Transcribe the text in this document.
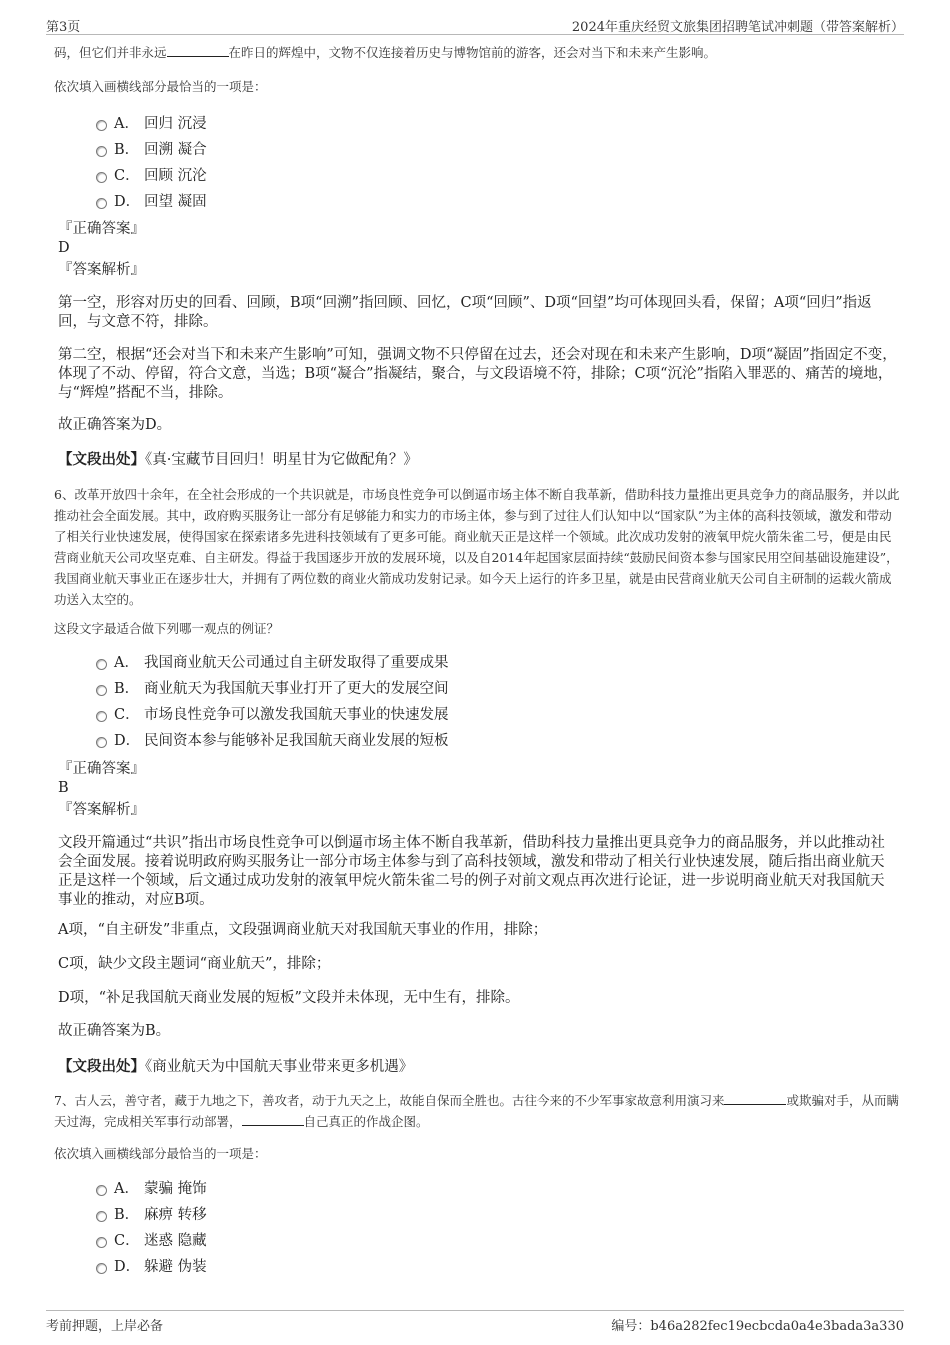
第3页	2024年重庆经贸文旅集团招聘笔试冲刺题（带答案解析）
码，但它们并非永远	在昨日的辉煌中，文物不仅连接着历史与博物馆前的游客，还会对当下和未来产生影响。
依次填入画横线部分最恰当的一项是：
A． 回归 沉浸
B． 回溯 凝合
C． 回顾 沉沦
D． 回望 凝固
『正确答案』
D
『答案解析』
第一空，形容对历史的回看、回顾，B项“回溯”指回顾、回忆，C项“回顾”、D项“回望”均可体现回头看，保留；A项“回归”指返回，与文意不符，排除。
第二空，根据“还会对当下和未来产生影响”可知，强调文物不只停留在过去，还会对现在和未来产生影响，D项“凝固”指固定不变，体现了不动、停留，符合文意，当选；B项“凝合”指凝结，聚合，与文段语境不符，排除；C项“沉沦”指陷入罪恶的、痛苦的境地，与“辉煌”搭配不当，排除。
故正确答案为D。
【文段出处】《真·宝藏节目回归！明星甘为它做配角？》
6、改革开放四十余年，在全社会形成的一个共识就是，市场良性竞争可以倒逼市场主体不断自我革新，借助科技力量推出更具竞争力的商品服务，并以此推动社会全面发展。其中，政府购买服务让一部分有足够能力和实力的市场主体，参与到了过往人们认知中以“国家队”为主体的高科技领域，激发和带动了相关行业快速发展，使得国家在探索诸多先进科技领域有了更多可能。商业航天正是这样一个领域。此次成功发射的液氧甲烷火箭朱雀二号，便是由民营商业航天公司攻坚克难、自主研发。得益于我国逐步开放的发展环境，以及自2014年起国家层面持续“鼓励民间资本参与国家民用空间基础设施建设”，我国商业航天事业正在逐步壮大，并拥有了两位数的商业火箭成功发射记录。如今天上运行的许多卫星，就是由民营商业航天公司自主研制的运载火箭成功送入太空的。
这段文字最适合做下列哪一观点的例证？
A． 我国商业航天公司通过自主研发取得了重要成果
B． 商业航天为我国航天事业打开了更大的发展空间
C． 市场良性竞争可以激发我国航天事业的快速发展
D． 民间资本参与能够补足我国航天商业发展的短板
『正确答案』
B
『答案解析』
文段开篇通过“共识”指出市场良性竞争可以倒逼市场主体不断自我革新，借助科技力量推出更具竞争力的商品服务，并以此推动社会全面发展。接着说明政府购买服务让一部分市场主体参与到了高科技领域，激发和带动了相关行业快速发展，随后指出商业航天正是这样一个领域，后文通过成功发射的液氧甲烷火箭朱雀二号的例子对前文观点再次进行论证，进一步说明商业航天对我国航天事业的推动，对应B项。
A项，“自主研发”非重点，文段强调商业航天对我国航天事业的作用，排除；
C项，缺少文段主题词“商业航天”，排除；
D项，“补足我国航天商业发展的短板”文段并未体现，无中生有，排除。
故正确答案为B。
【文段出处】《商业航天为中国航天事业带来更多机遇》
7、古人云，善守者，藏于九地之下，善攻者，动于九天之上，故能自保而全胜也。古往今来的不少军事家故意利用演习来	或欺骗对手，从而瞒天过海，完成相关军事行动部署，	自己真正的作战企图。
依次填入画横线部分最恰当的一项是：
A． 蒙骗 掩饰
B． 麻痹 转移
C． 迷惑 隐藏
D． 躲避 伪装
考前押题，上岸必备	编号：b46a282fec19ecbcda0a4e3bada3a330
